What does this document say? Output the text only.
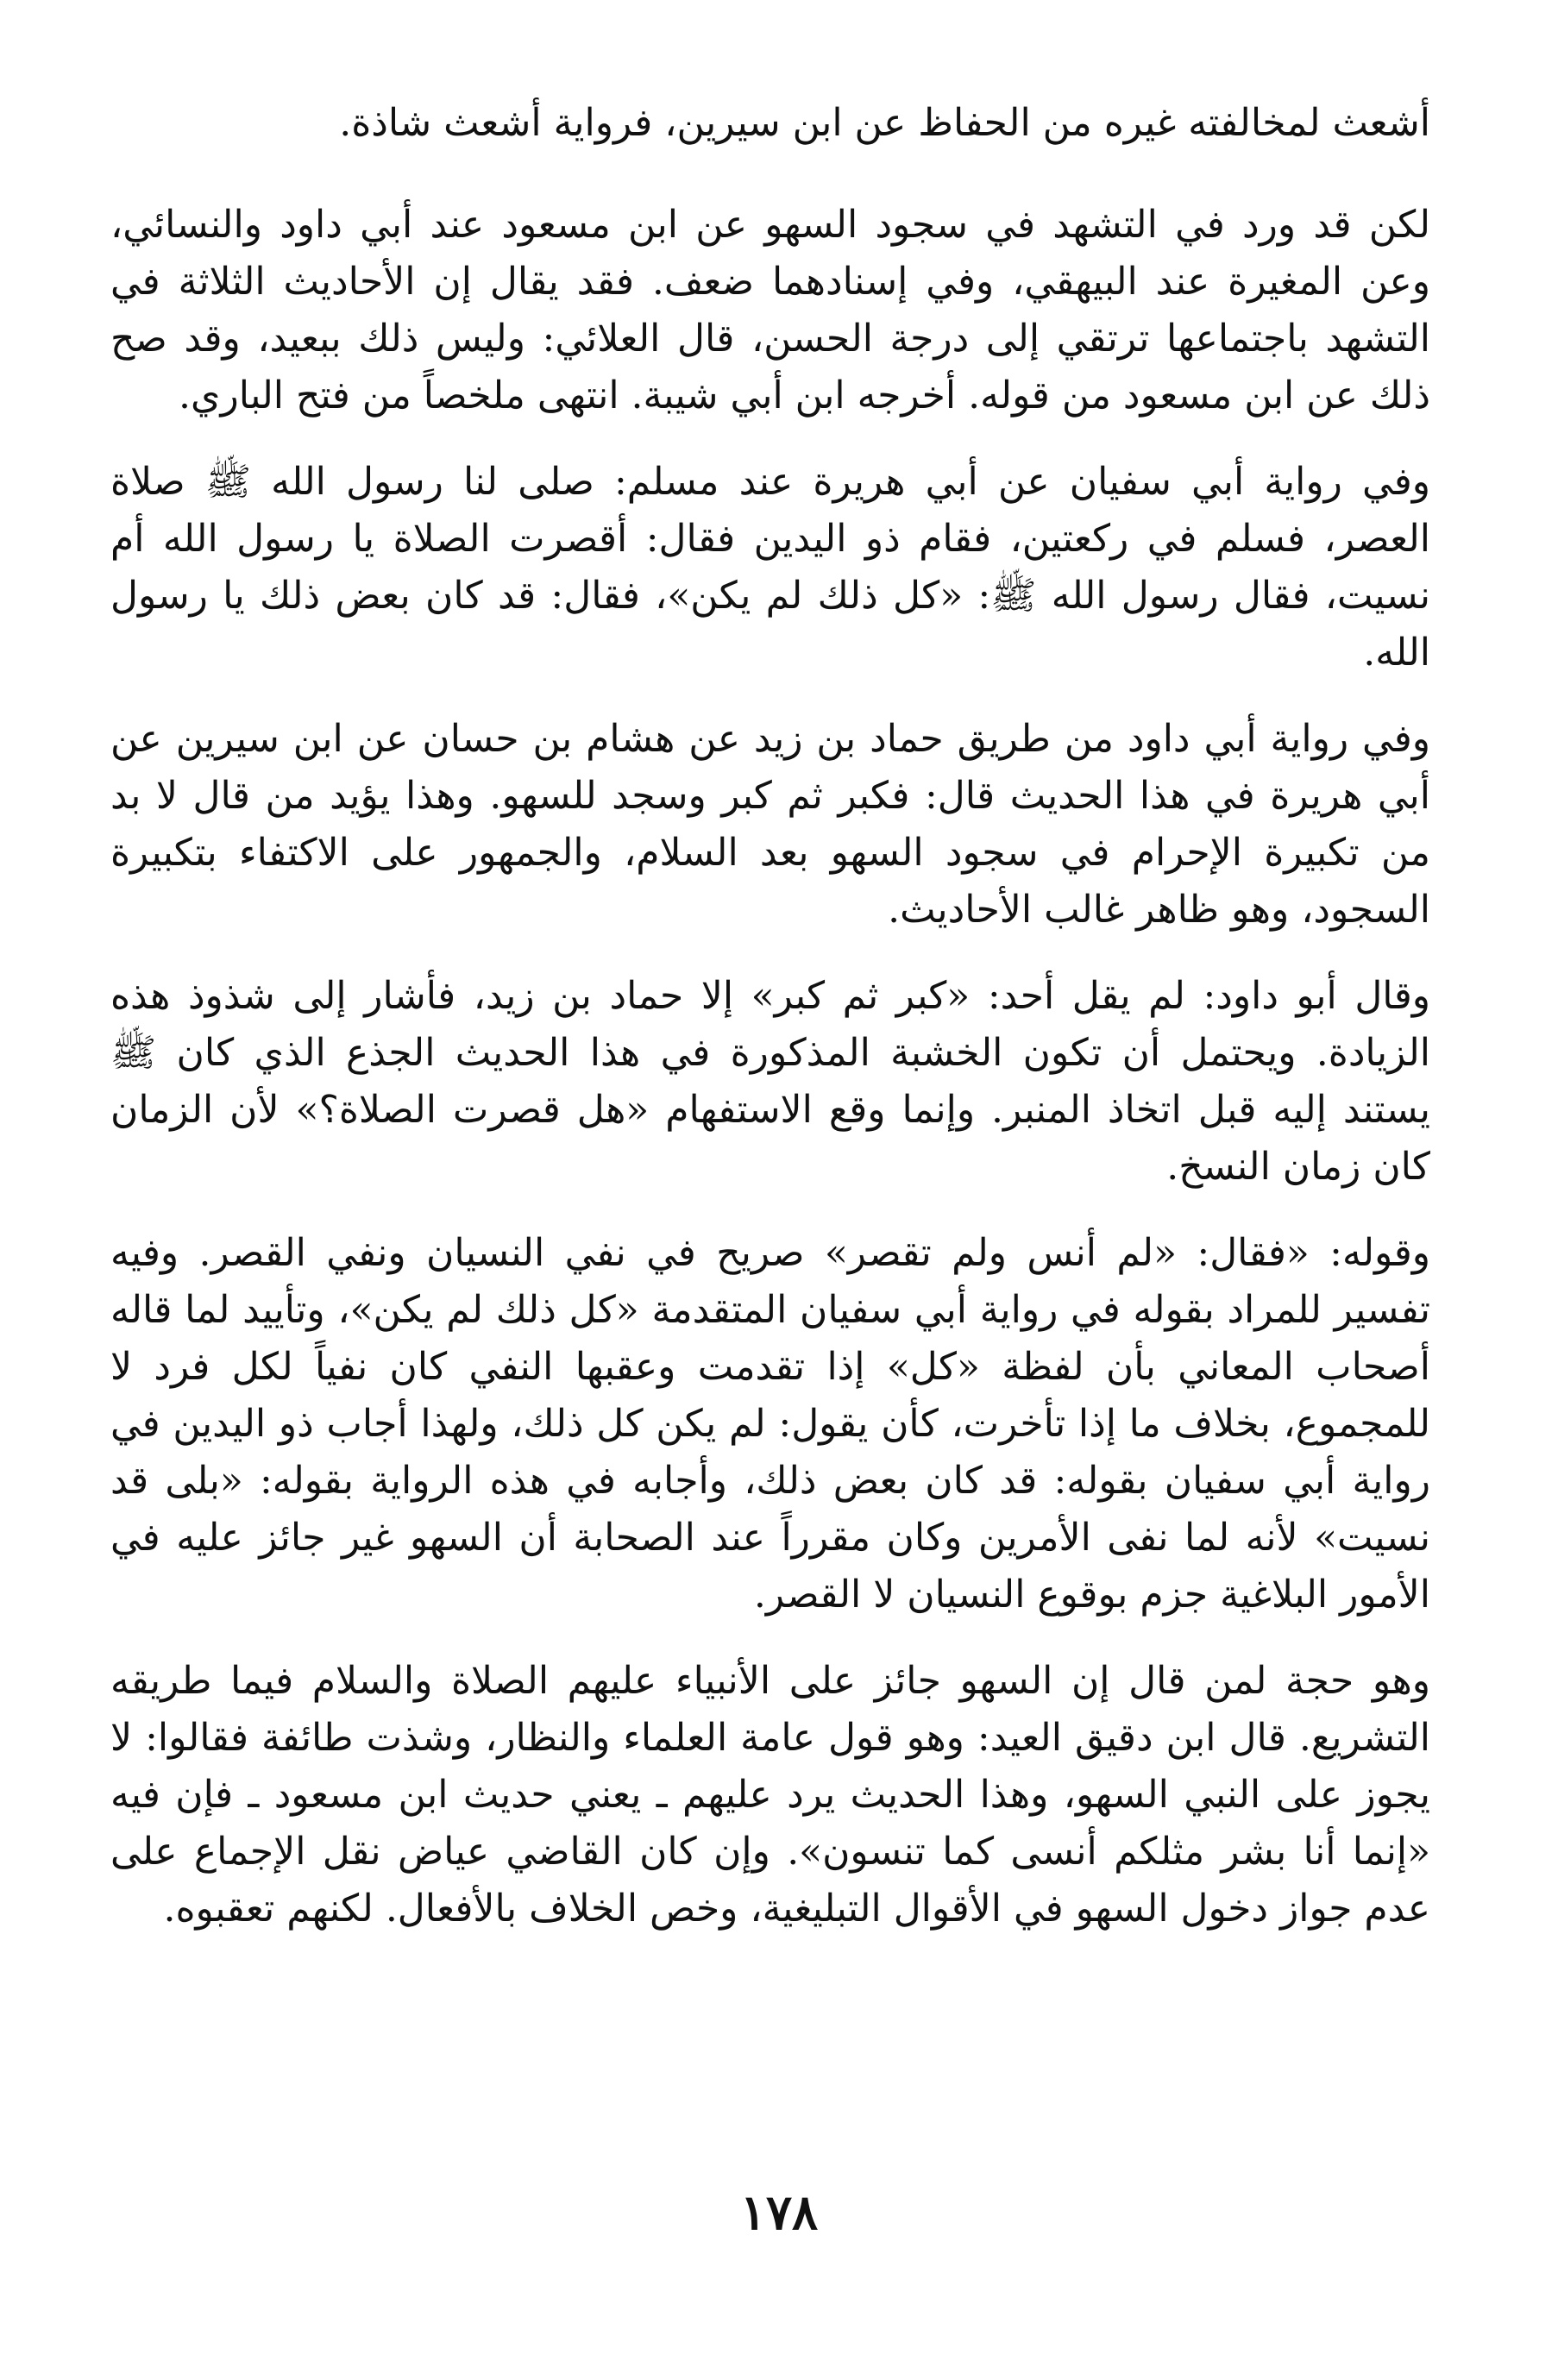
أشعث لمخالفته غيره من الحفاظ عن ابن سيرين، فرواية أشعث شاذة.

لكن قد ورد في التشهد في سجود السهو عن ابن مسعود عند أبي داود والنسائي، وعن المغيرة عند البيهقي، وفي إسنادهما ضعف. فقد يقال إن الأحاديث الثلاثة في التشهد باجتماعها ترتقي إلى درجة الحسن، قال العلائي: وليس ذلك ببعيد، وقد صح ذلك عن ابن مسعود من قوله. أخرجه ابن أبي شيبة. انتهى ملخصاً من فتح الباري.

وفي رواية أبي سفيان عن أبي هريرة عند مسلم: صلى لنا رسول الله ﷺ صلاة العصر، فسلم في ركعتين، فقام ذو اليدين فقال: أقصرت الصلاة يا رسول الله أم نسيت، فقال رسول الله ﷺ: «كل ذلك لم يكن»، فقال: قد كان بعض ذلك يا رسول الله.

وفي رواية أبي داود من طريق حماد بن زيد عن هشام بن حسان عن ابن سيرين عن أبي هريرة في هذا الحديث قال: فكبر ثم كبر وسجد للسهو. وهذا يؤيد من قال لا بد من تكبيرة الإحرام في سجود السهو بعد السلام، والجمهور على الاكتفاء بتكبيرة السجود، وهو ظاهر غالب الأحاديث.

وقال أبو داود: لم يقل أحد: «كبر ثم كبر» إلا حماد بن زيد، فأشار إلى شذوذ هذه الزيادة. ويحتمل أن تكون الخشبة المذكورة في هذا الحديث الجذع الذي كان ﷺ يستند إليه قبل اتخاذ المنبر. وإنما وقع الاستفهام «هل قصرت الصلاة؟» لأن الزمان كان زمان النسخ.

وقوله: «فقال: «لم أنس ولم تقصر» صريح في نفي النسيان ونفي القصر. وفيه تفسير للمراد بقوله في رواية أبي سفيان المتقدمة «كل ذلك لم يكن»، وتأييد لما قاله أصحاب المعاني بأن لفظة «كل» إذا تقدمت وعقبها النفي كان نفياً لكل فرد لا للمجموع، بخلاف ما إذا تأخرت، كأن يقول: لم يكن كل ذلك، ولهذا أجاب ذو اليدين في رواية أبي سفيان بقوله: قد كان بعض ذلك، وأجابه في هذه الرواية بقوله: «بلى قد نسيت» لأنه لما نفى الأمرين وكان مقرراً عند الصحابة أن السهو غير جائز عليه في الأمور البلاغية جزم بوقوع النسيان لا القصر.

وهو حجة لمن قال إن السهو جائز على الأنبياء عليهم الصلاة والسلام فيما طريقه التشريع. قال ابن دقيق العيد: وهو قول عامة العلماء والنظار، وشذت طائفة فقالوا: لا يجوز على النبي السهو، وهذا الحديث يرد عليهم ـ يعني حديث ابن مسعود ـ فإن فيه «إنما أنا بشر مثلكم أنسى كما تنسون». وإن كان القاضي عياض نقل الإجماع على عدم جواز دخول السهو في الأقوال التبليغية، وخص الخلاف بالأفعال. لكنهم تعقبوه.

١٧٨
